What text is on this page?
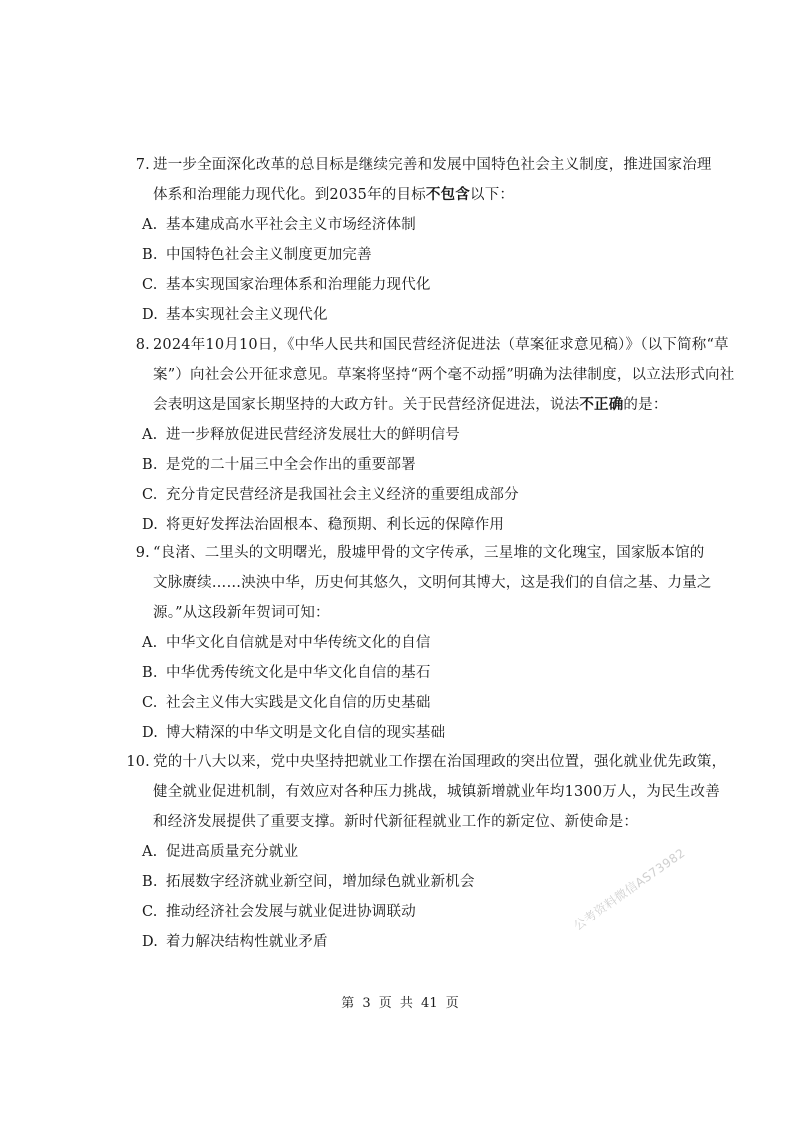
7. 进一步全面深化改革的总目标是继续完善和发展中国特色社会主义制度，推进国家治理
体系和治理能力现代化。到2035年的目标不包含以下：
A. 基本建成高水平社会主义市场经济体制
B. 中国特色社会主义制度更加完善
C. 基本实现国家治理体系和治理能力现代化
D. 基本实现社会主义现代化
8. 2024年10月10日，《中华人民共和国民营经济促进法（草案征求意见稿）》（以下简称“草
案”）向社会公开征求意见。草案将坚持“两个毫不动摇”明确为法律制度，以立法形式向社
会表明这是国家长期坚持的大政方针。关于民营经济促进法，说法不正确的是：
A. 进一步释放促进民营经济发展壮大的鲜明信号
B. 是党的二十届三中全会作出的重要部署
C. 充分肯定民营经济是我国社会主义经济的重要组成部分
D. 将更好发挥法治固根本、稳预期、利长远的保障作用
9. “良渚、二里头的文明曙光，殷墟甲骨的文字传承，三星堆的文化瑰宝，国家版本馆的
文脉赓续……泱泱中华，历史何其悠久，文明何其博大，这是我们的自信之基、力量之
源。”从这段新年贺词可知：
A. 中华文化自信就是对中华传统文化的自信
B. 中华优秀传统文化是中华文化自信的基石
C. 社会主义伟大实践是文化自信的历史基础
D. 博大精深的中华文明是文化自信的现实基础
10. 党的十八大以来，党中央坚持把就业工作摆在治国理政的突出位置，强化就业优先政策，
健全就业促进机制，有效应对各种压力挑战，城镇新增就业年均1300万人，为民生改善
和经济发展提供了重要支撑。新时代新征程就业工作的新定位、新使命是：
A. 促进高质量充分就业
B. 拓展数字经济就业新空间，增加绿色就业新机会
C. 推动经济社会发展与就业促进协调联动
D. 着力解决结构性就业矛盾
公考资料微信AS73982
第 3 页 共 41 页
